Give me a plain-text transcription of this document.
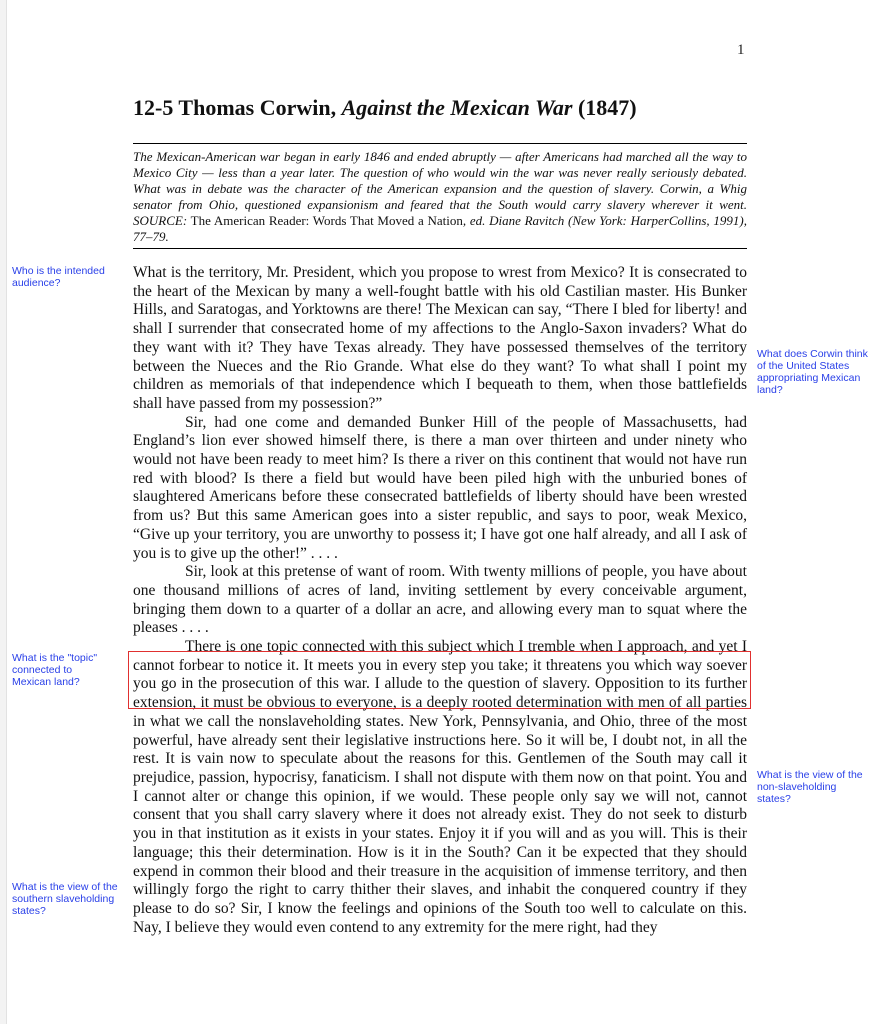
1
12-5 Thomas Corwin, Against the Mexican War (1847)
The Mexican-American war began in early 1846 and ended abruptly — after Americans had marched all the way to Mexico City — less than a year later. The question of who would win the war was never really seriously debated. What was in debate was the character of the American expansion and the question of slavery. Corwin, a Whig senator from Ohio, questioned expansionism and feared that the South would carry slavery wherever it went. SOURCE: The American Reader: Words That Moved a Nation, ed. Diane Ravitch (New York: HarperCollins, 1991), 77–79.

What is the territory, Mr. President, which you propose to wrest from Mexico? It is consecrated to the heart of the Mexican by many a well-fought battle with his old Castilian master. His Bunker Hills, and Saratogas, and Yorktowns are there! The Mexican can say, “There I bled for liberty! and shall I surrender that consecrated home of my affections to the Anglo-Saxon invaders? What do they want with it? They have Texas already. They have possessed themselves of the territory between the Nueces and the Rio Grande. What else do they want? To what shall I point my children as memorials of that independence which I bequeath to them, when those battlefields shall have passed from my possession?”

Sir, had one come and demanded Bunker Hill of the people of Massachusetts, had England’s lion ever showed himself there, is there a man over thirteen and under ninety who would not have been ready to meet him? Is there a river on this continent that would not have run red with blood? Is there a field but would have been piled high with the unburied bones of slaughtered Americans before these consecrated battlefields of liberty should have been wrested from us? But this same American goes into a sister republic, and says to poor, weak Mexico, “Give up your territory, you are unworthy to possess it; I have got one half already, and all I ask of you is to give up the other!” . . . .

Sir, look at this pretense of want of room. With twenty millions of people, you have about one thousand millions of acres of land, inviting settlement by every conceivable argument, bringing them down to a quarter of a dollar an acre, and allowing every man to squat where the pleases . . . .

There is one topic connected with this subject which I tremble when I approach, and yet I cannot forbear to notice it. It meets you in every step you take; it threatens you which way soever you go in the prosecution of this war. I allude to the question of slavery. Opposition to its further extension, it must be obvious to everyone, is a deeply rooted determination with men of all parties in what we call the nonslaveholding states. New York, Pennsylvania, and Ohio, three of the most powerful, have already sent their legislative instructions here. So it will be, I doubt not, in all the rest. It is vain now to speculate about the reasons for this. Gentlemen of the South may call it prejudice, passion, hypocrisy, fanaticism. I shall not dispute with them now on that point. You and I cannot alter or change this opinion, if we would. These people only say we will not, cannot consent that you shall carry slavery where it does not already exist. They do not seek to disturb you in that institution as it exists in your states. Enjoy it if you will and as you will. This is their language; this their determination. How is it in the South? Can it be expected that they should expend in common their blood and their treasure in the acquisition of immense territory, and then willingly forgo the right to carry thither their slaves, and inhabit the conquered country if they please to do so? Sir, I know the feelings and opinions of the South too well to calculate on this. Nay, I believe they would even contend to any extremity for the mere right, had they

Who is the intended audience?
What does Corwin think of the United States appropriating Mexican land?
What is the "topic" connected to Mexican land?
What is the view of the non-slaveholding states?
What is the view of the southern slaveholding states?
